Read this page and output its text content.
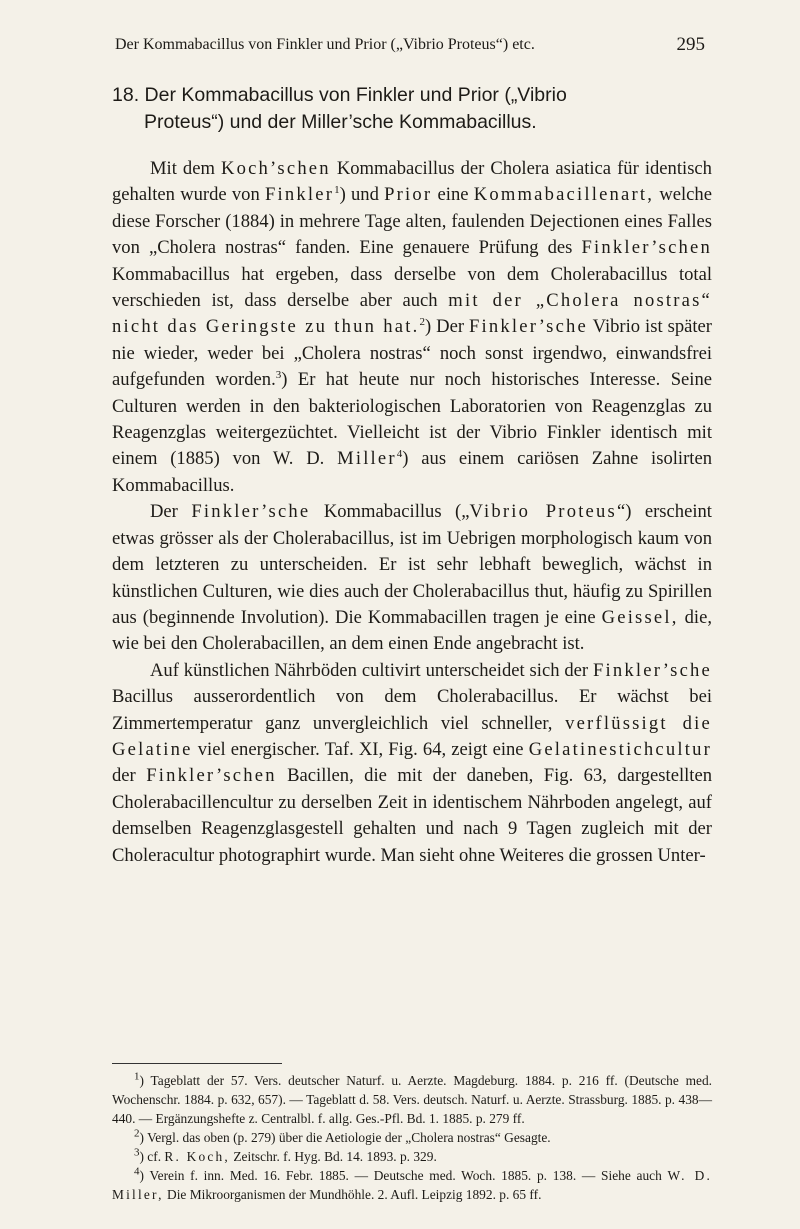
Der Kommabacillus von Finkler und Prior („Vibrio Proteus“) etc.	295
18. Der Kommabacillus von Finkler und Prior („Vibrio
Proteus“) und der Miller’sche Kommabacillus.

Mit dem Koch’schen Kommabacillus der Cholera asiatica für identisch gehalten wurde von Finkler$^1$) und Prior eine Kommabacillenart, welche diese Forscher (1884) in mehrere Tage alten, faulenden Dejectionen eines Falles von „Cholera nostras“ fanden. Eine genauere Prüfung des Finkler’schen Kommabacillus hat ergeben, dass derselbe von dem Cholerabacillus total verschieden ist, dass derselbe aber auch mit der „Cholera nostras“ nicht das Geringste zu thun hat.$^2$) Der Finkler’sche Vibrio ist später nie wieder, weder bei „Cholera nostras“ noch sonst irgendwo, einwandsfrei aufgefunden worden.$^3$) Er hat heute nur noch historisches Interesse. Seine Culturen werden in den bakteriologischen Laboratorien von Reagenzglas zu Reagenzglas weitergezüchtet. Vielleicht ist der Vibrio Finkler identisch mit einem (1885) von W. D. Miller$^4$) aus einem cariösen Zahne isolirten Kommabacillus.

Der Finkler’sche Kommabacillus („Vibrio Proteus“) erscheint etwas grösser als der Cholerabacillus, ist im Uebrigen morphologisch kaum von dem letzteren zu unterscheiden. Er ist sehr lebhaft beweglich, wächst in künstlichen Culturen, wie dies auch der Cholerabacillus thut, häufig zu Spirillen aus (beginnende Involution). Die Kommabacillen tragen je eine Geissel, die, wie bei den Cholerabacillen, an dem einen Ende angebracht ist.

Auf künstlichen Nährböden cultivirt unterscheidet sich der Finkler’sche Bacillus ausserordentlich von dem Cholerabacillus. Er wächst bei Zimmertemperatur ganz unvergleichlich viel schneller, verflüssigt die Gelatine viel energischer. Taf. XI, Fig. 64, zeigt eine Gelatinestichcultur der Finkler’schen Bacillen, die mit der daneben, Fig. 63, dargestellten Cholerabacillencultur zu derselben Zeit in identischem Nährboden angelegt, auf demselben Reagenzglasgestell gehalten und nach 9 Tagen zugleich mit der Choleracultur photographirt wurde. Man sieht ohne Weiteres die grossen Unter-

$^1$) Tageblatt der 57. Vers. deutscher Naturf. u. Aerzte. Magdeburg. 1884. p. 216 ff. (Deutsche med. Wochenschr. 1884. p. 632, 657). — Tageblatt d. 58. Vers. deutsch. Naturf. u. Aerzte. Strassburg. 1885. p. 438—440. — Ergänzungshefte z. Centralbl. f. allg. Ges.-Pfl. Bd. 1. 1885. p. 279 ff.

$^2$) Vergl. das oben (p. 279) über die Aetiologie der „Cholera nostras“ Gesagte.

$^3$) cf. R. Koch, Zeitschr. f. Hyg. Bd. 14. 1893. p. 329.

$^4$) Verein f. inn. Med. 16. Febr. 1885. — Deutsche med. Woch. 1885. p. 138. — Siehe auch W. D. Miller, Die Mikroorganismen der Mundhöhle. 2. Aufl. Leipzig 1892. p. 65 ff.
